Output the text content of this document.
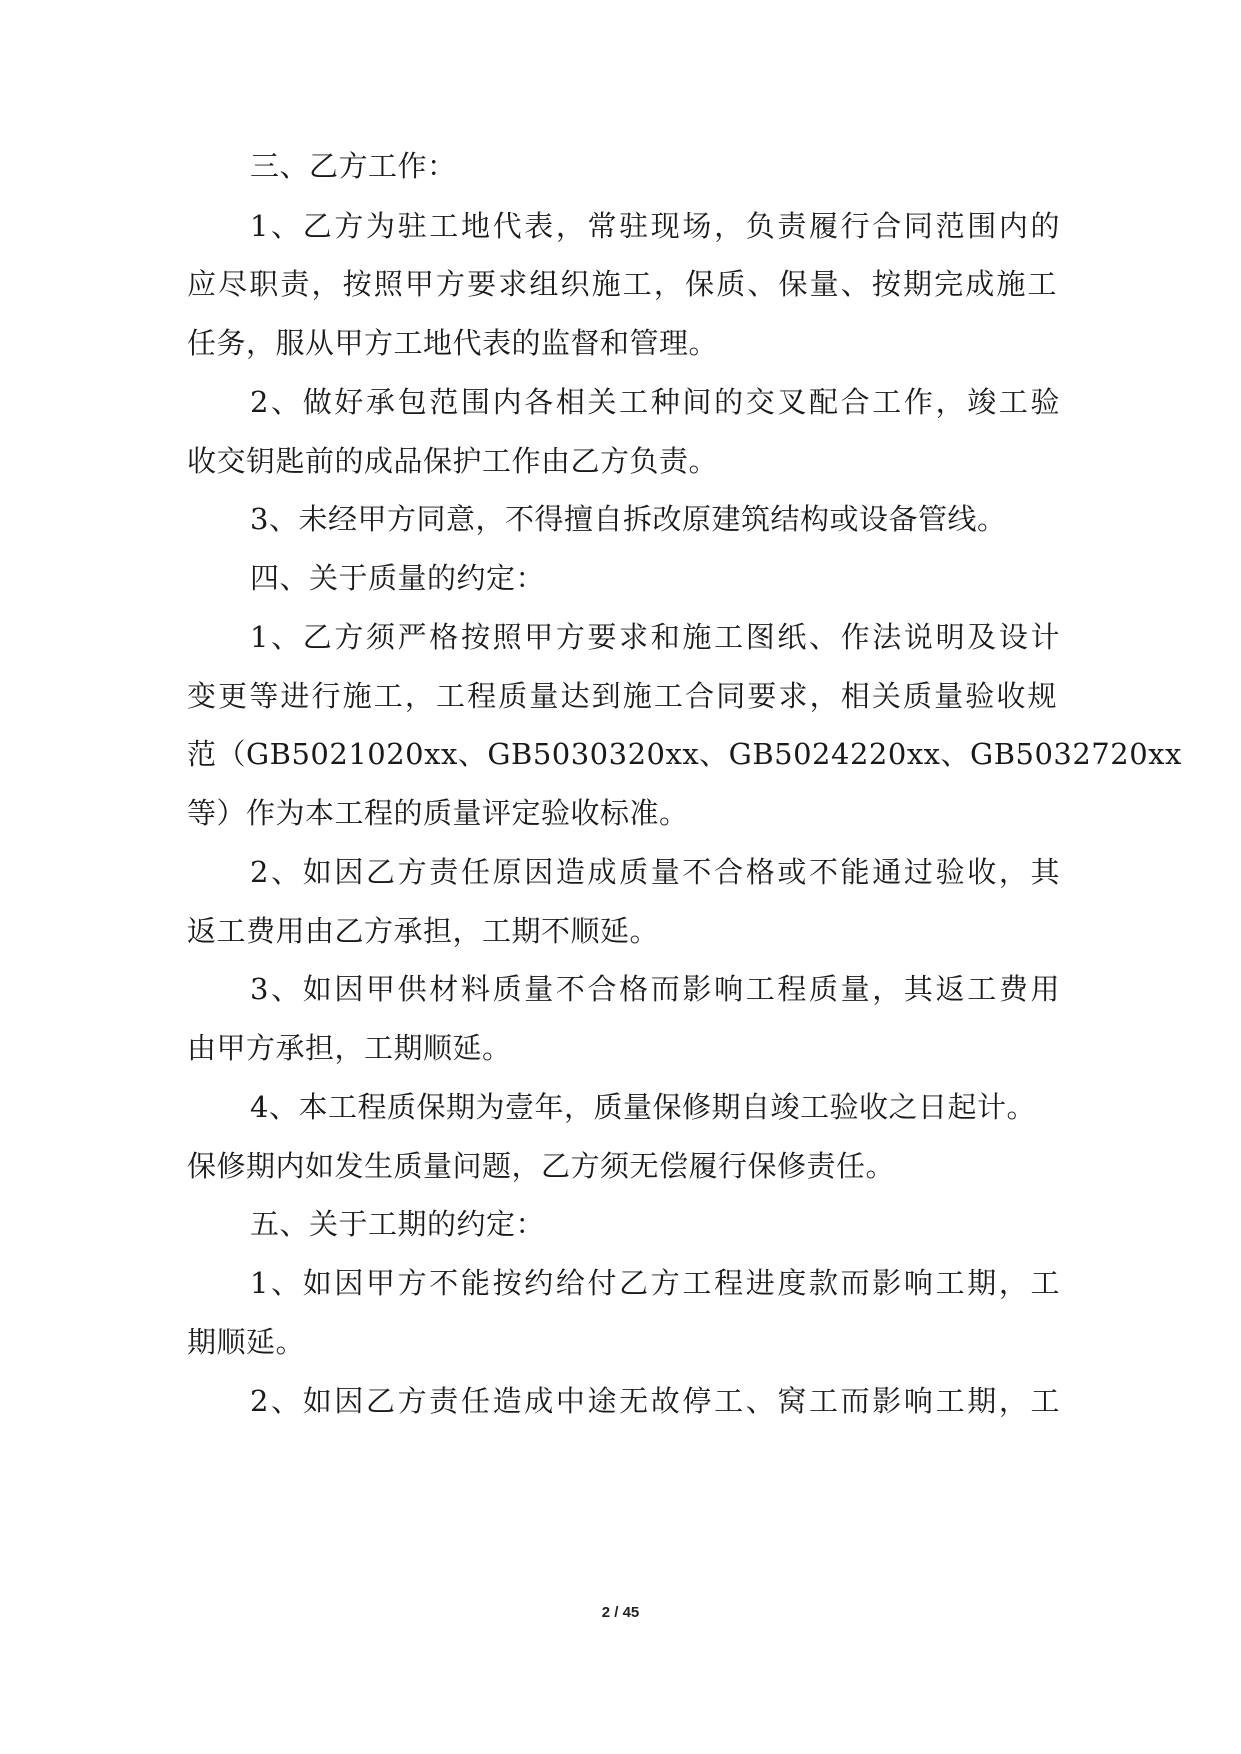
三、乙方工作：
1、乙方为驻工地代表，常驻现场，负责履行合同范围内的
应尽职责，按照甲方要求组织施工，保质、保量、按期完成施工
任务，服从甲方工地代表的监督和管理。
2、做好承包范围内各相关工种间的交叉配合工作，竣工验
收交钥匙前的成品保护工作由乙方负责。
3、未经甲方同意，不得擅自拆改原建筑结构或设备管线。
四、关于质量的约定：
1、乙方须严格按照甲方要求和施工图纸、作法说明及设计
变更等进行施工，工程质量达到施工合同要求，相关质量验收规
范（GB5021020xx、GB5030320xx、GB5024220xx、GB5032720xx
等）作为本工程的质量评定验收标准。
2、如因乙方责任原因造成质量不合格或不能通过验收，其
返工费用由乙方承担，工期不顺延。
3、如因甲供材料质量不合格而影响工程质量，其返工费用
由甲方承担，工期顺延。
4、本工程质保期为壹年，质量保修期自竣工验收之日起计。
保修期内如发生质量问题，乙方须无偿履行保修责任。
五、关于工期的约定：
1、如因甲方不能按约给付乙方工程进度款而影响工期，工
期顺延。
2、如因乙方责任造成中途无故停工、窝工而影响工期，工
2 / 45
